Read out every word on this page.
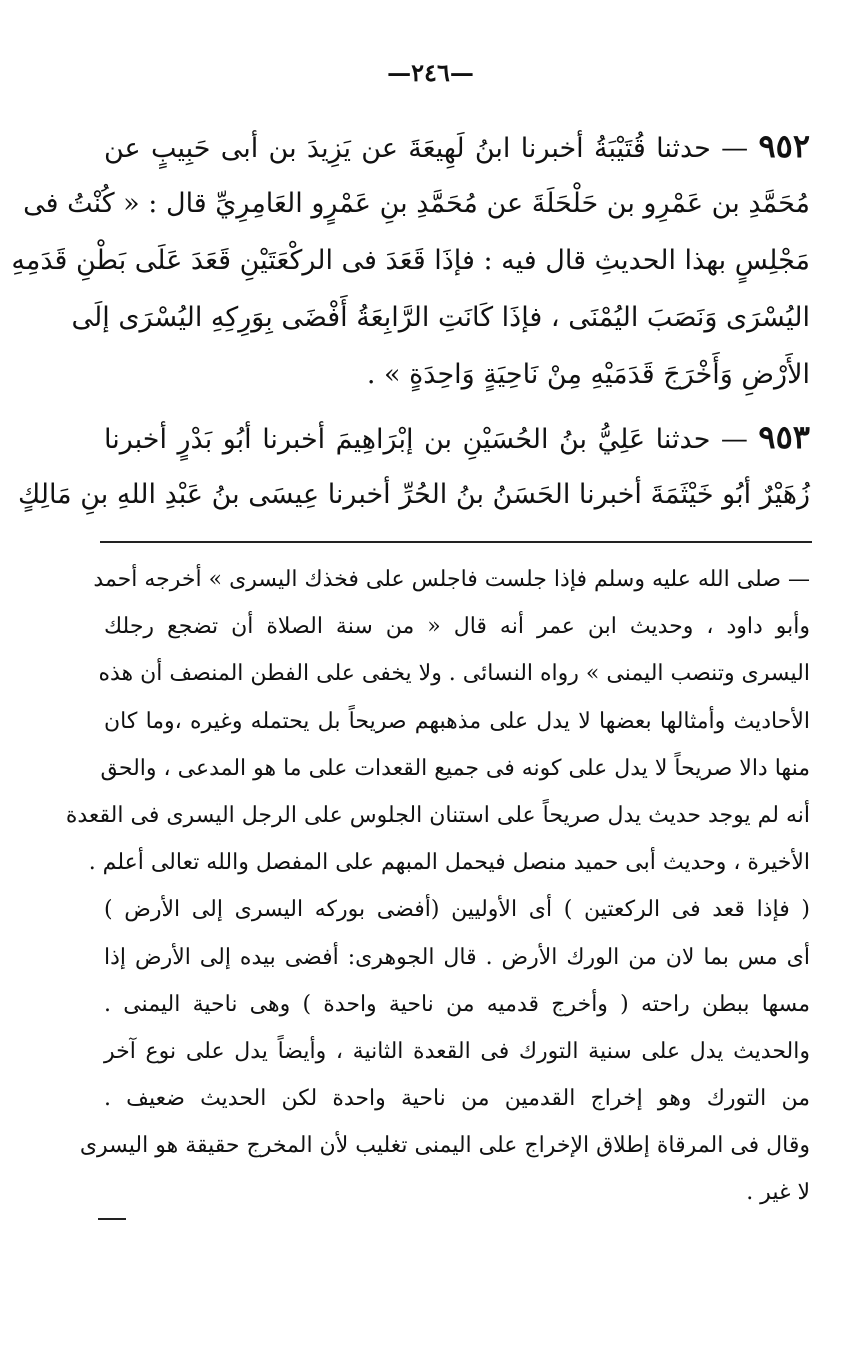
—٢٤٦—
٩٥٢ — حدثنا قُتَيْبَةُ أخبرنا ابنُ لَهِيعَةَ عن يَزِيدَ بن أبى حَبِيبٍ عن
مُحَمَّدِ بن عَمْرِو بن حَلْحَلَةَ عن مُحَمَّدِ بنِ عَمْرٍو العَامِرِيِّ قال : « كُنْتُ فى
مَجْلِسٍ بهذا الحديثِ قال فيه : فإذَا قَعَدَ فى الركْعَتَيْنِ قَعَدَ عَلَى بَطْنِ قَدَمِهِ
اليُسْرَى وَنَصَبَ اليُمْنَى ، فإذَا كَانَتِ الرَّابِعَةُ أَفْضَى بِوَرِكِهِ اليُسْرَى إلَى
الأَرْضِ وَأَخْرَجَ قَدَمَيْهِ مِنْ نَاحِيَةٍ وَاحِدَةٍ » .
٩٥٣ — حدثنا عَلِيُّ بنُ الحُسَيْنِ بن إبْرَاهِيمَ أخبرنا أبُو بَدْرٍ أخبرنا
زُهَيْرٌ أبُو خَيْثَمَةَ أخبرنا الحَسَنُ بنُ الحُرِّ أخبرنا عِيسَى بنُ عَبْدِ اللهِ بنِ مَالِكٍ
— صلى الله عليه وسلم فإذا جلست فاجلس على فخذك اليسرى » أخرجه أحمد
وأبو داود ، وحديث ابن عمر أنه قال « من سنة الصلاة أن تضجع رجلك
اليسرى وتنصب اليمنى » رواه النسائى . ولا يخفى على الفطن المنصف أن هذه
الأحاديث وأمثالها بعضها لا يدل على مذهبهم صريحاً بل يحتمله وغيره ،وما كان
منها دالا صريحاً لا يدل على كونه فى جميع القعدات على ما هو المدعى ، والحق
أنه لم يوجد حديث يدل صريحاً على استنان الجلوس على الرجل اليسرى فى القعدة
الأخيرة ، وحديث أبى حميد منصل فيحمل المبهم على المفصل والله تعالى أعلم .
( فإذا قعد فى الركعتين ) أى الأوليين (أفضى بوركه اليسرى إلى الأرض )
أى مس بما لان من الورك الأرض . قال الجوهرى: أفضى بيده إلى الأرض إذا
مسها ببطن راحته ( وأخرج قدميه من ناحية واحدة ) وهى ناحية اليمنى .
والحديث يدل على سنية التورك فى القعدة الثانية ، وأيضاً يدل على نوع آخر
من التورك وهو إخراج القدمين من ناحية واحدة لكن الحديث ضعيف .
وقال فى المرقاة إطلاق الإخراج على اليمنى تغليب لأن المخرج حقيقة هو اليسرى
لا غير .
